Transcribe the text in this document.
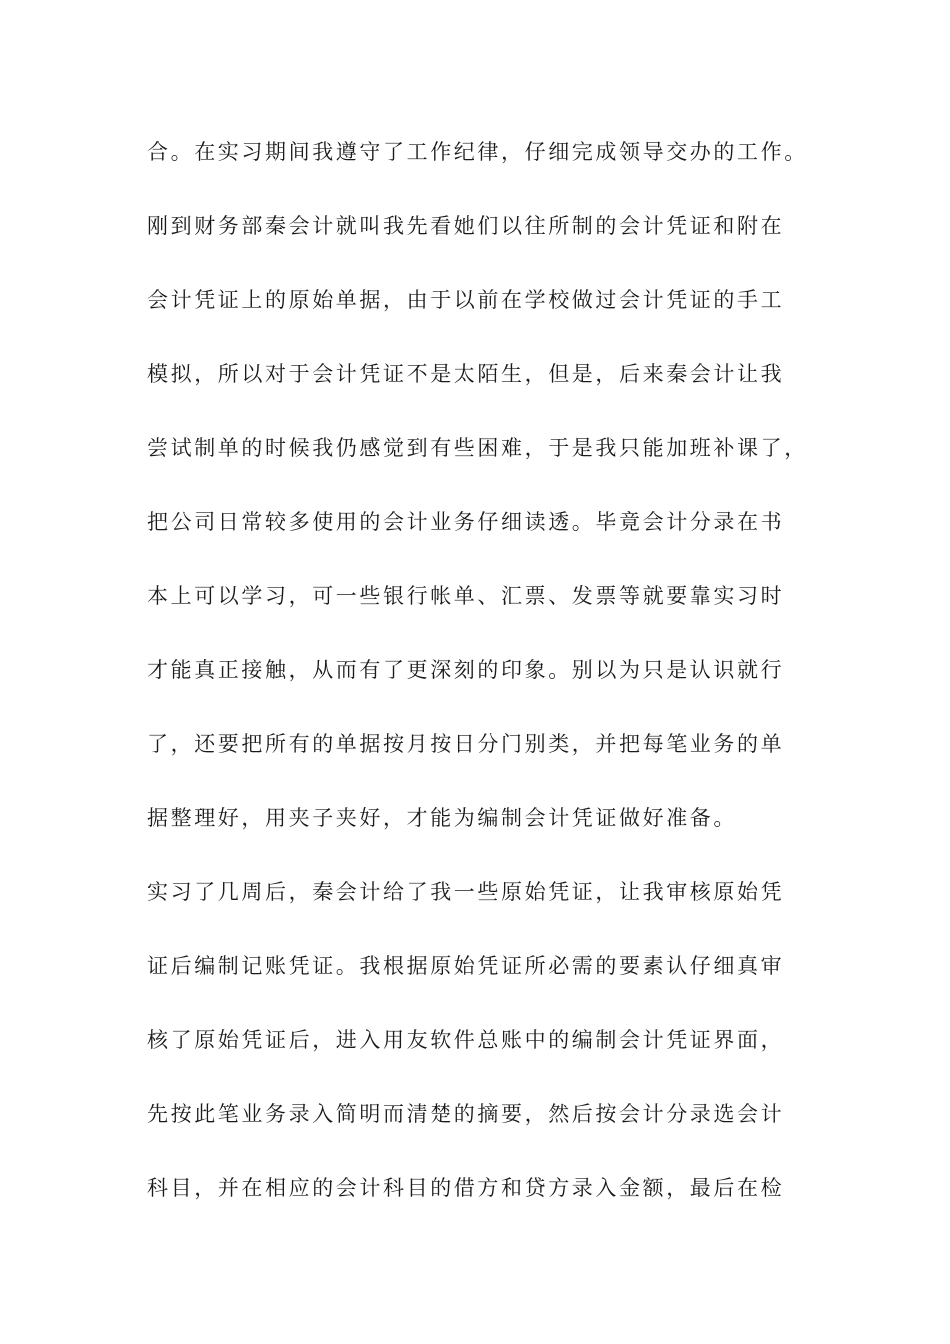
合。在实习期间我遵守了工作纪律，仔细完成领导交办的工作。
刚到财务部秦会计就叫我先看她们以往所制的会计凭证和附在
会计凭证上的原始单据，由于以前在学校做过会计凭证的手工
模拟，所以对于会计凭证不是太陌生，但是，后来秦会计让我
尝试制单的时候我仍感觉到有些困难，于是我只能加班补课了，
把公司日常较多使用的会计业务仔细读透。毕竟会计分录在书
本上可以学习，可一些银行帐单、汇票、发票等就要靠实习时
才能真正接触，从而有了更深刻的印象。别以为只是认识就行
了，还要把所有的单据按月按日分门别类，并把每笔业务的单
据整理好，用夹子夹好，才能为编制会计凭证做好准备。
实习了几周后，秦会计给了我一些原始凭证，让我审核原始凭
证后编制记账凭证。我根据原始凭证所必需的要素认仔细真审
核了原始凭证后，进入用友软件总账中的编制会计凭证界面，
先按此笔业务录入简明而清楚的摘要，然后按会计分录选会计
科目，并在相应的会计科目的借方和贷方录入金额，最后在检
